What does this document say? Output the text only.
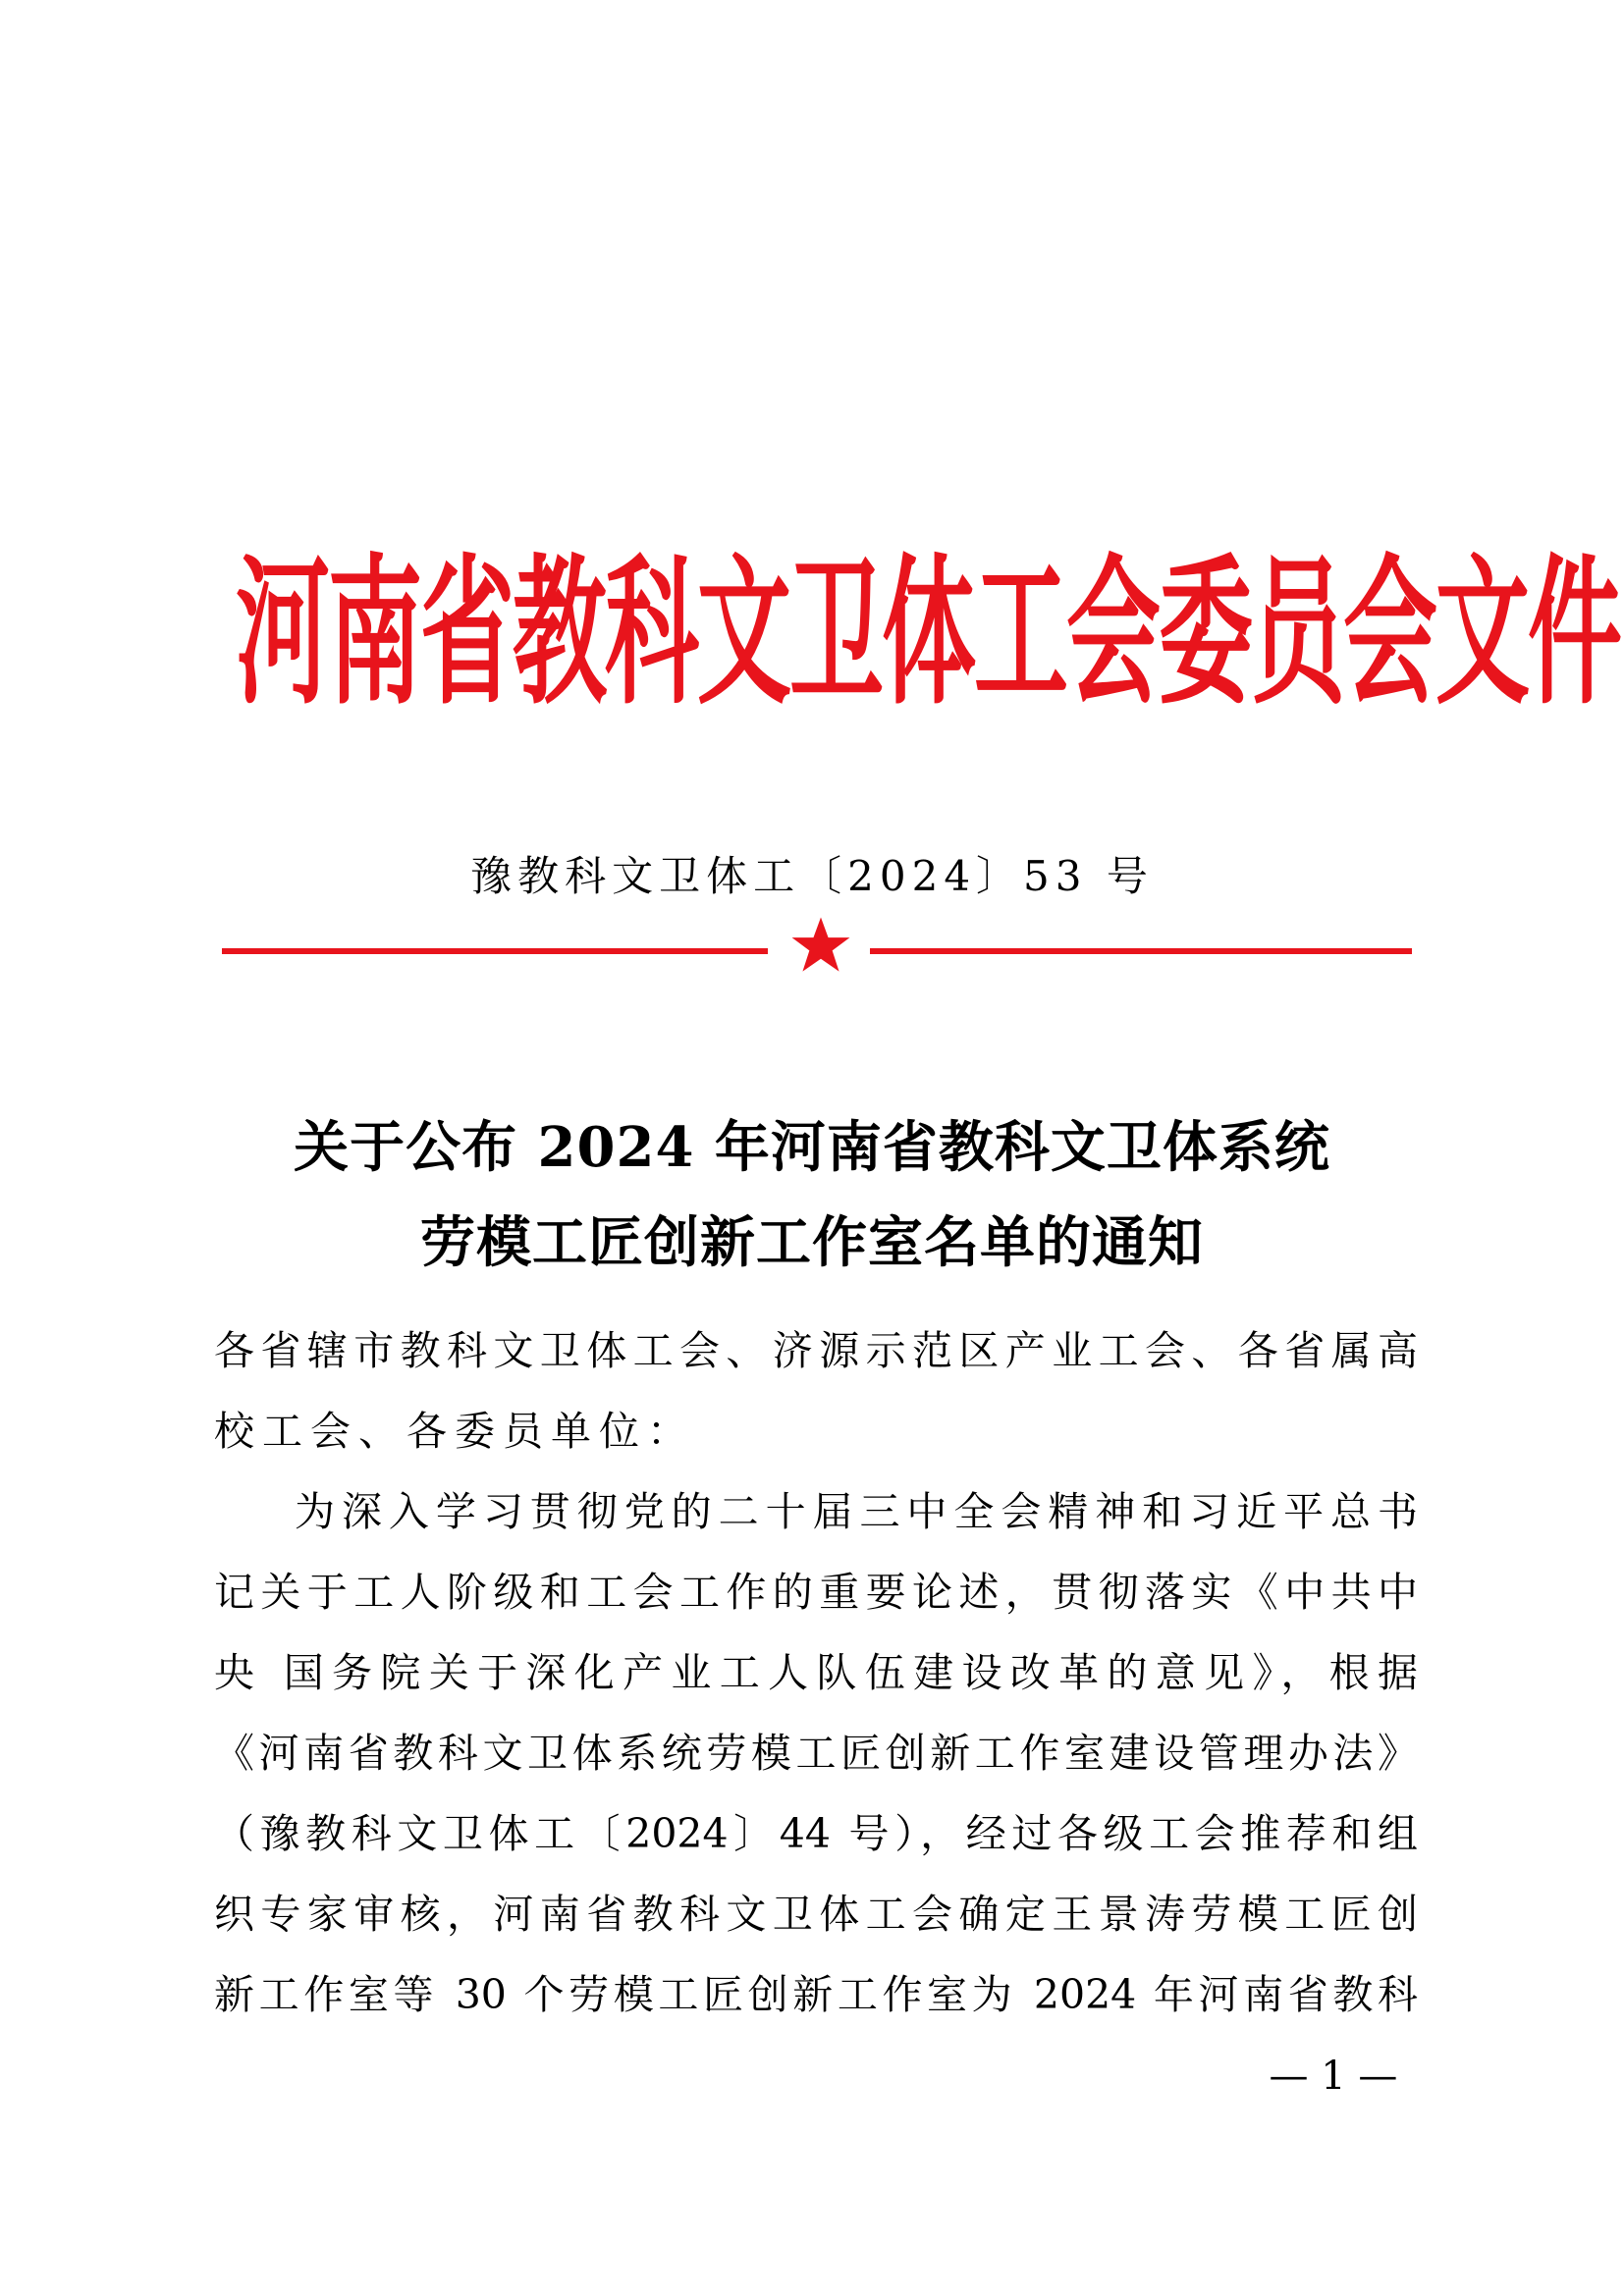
河南省教科文卫体工会委员会文件
豫教科文卫体工〔2024〕53 号
关于公布 2024 年河南省教科文卫体系统
劳模工匠创新工作室名单的通知
各省辖市教科文卫体工会、济源示范区产业工会、各省属高
校工会、各委员单位：
为深入学习贯彻党的二十届三中全会精神和习近平总书
记关于工人阶级和工会工作的重要论述，贯彻落实《中共中
央 国务院关于深化产业工人队伍建设改革的意见》，根据
《河南省教科文卫体系统劳模工匠创新工作室建设管理办法》
（豫教科文卫体工〔2024〕44 号），经过各级工会推荐和组
织专家审核，河南省教科文卫体工会确定王景涛劳模工匠创
新工作室等 30 个劳模工匠创新工作室为 2024 年河南省教科
— 1 —
